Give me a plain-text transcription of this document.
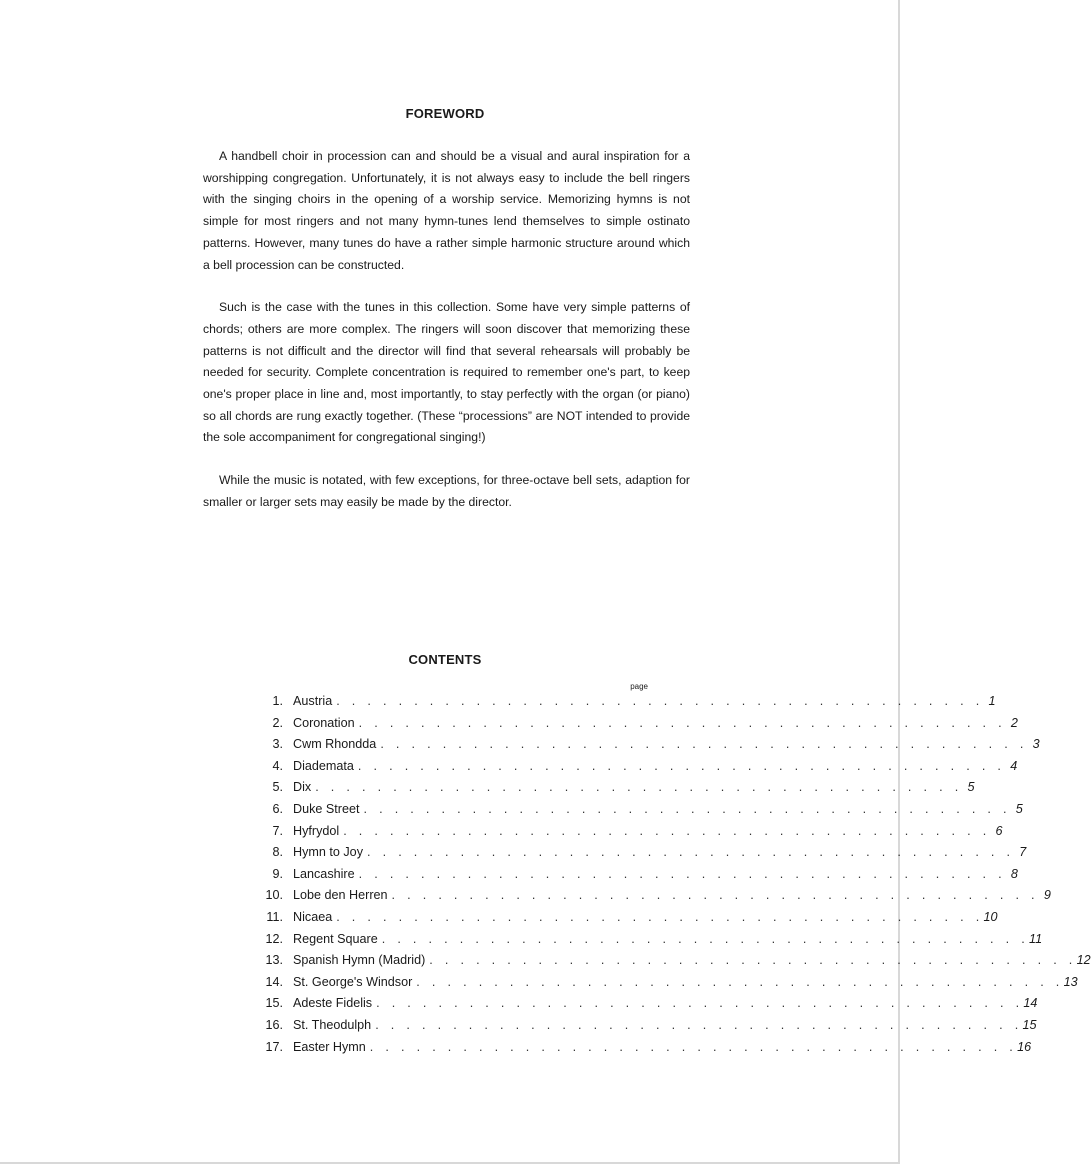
FOREWORD

A handbell choir in procession can and should be a visual and aural inspiration for a worshipping congregation. Unfortunately, it is not always easy to include the bell ringers with the singing choirs in the opening of a worship service. Memorizing hymns is not simple for most ringers and not many hymn-tunes lend themselves to simple ostinato patterns. However, many tunes do have a rather simple harmonic structure around which a bell procession can be constructed.

Such is the case with the tunes in this collection. Some have very simple patterns of chords; others are more complex. The ringers will soon discover that memorizing these patterns is not difficult and the director will find that several rehearsals will probably be needed for security. Complete concentration is required to remember one's part, to keep one's proper place in line and, most importantly, to stay perfectly with the organ (or piano) so all chords are rung exactly together. (These “processions” are NOT intended to provide the sole accompaniment for congregational singing!)

While the music is notated, with few exceptions, for three-octave bell sets, adaption for smaller or larger sets may easily be made by the director.

CONTENTS
page
1. Austria . . . . . . . . . . . . . . . . . . . . . . . . . . . . . . . . . . . . . . . . . . 1
2. Coronation . . . . . . . . . . . . . . . . . . . . . . . . . . . . . . . . . . . . . . . . . . 2
3. Cwm Rhondda . . . . . . . . . . . . . . . . . . . . . . . . . . . . . . . . . . . . . . . . . . 3
4. Diademata . . . . . . . . . . . . . . . . . . . . . . . . . . . . . . . . . . . . . . . . . . 4
5. Dix . . . . . . . . . . . . . . . . . . . . . . . . . . . . . . . . . . . . . . . . . . 5
6. Duke Street . . . . . . . . . . . . . . . . . . . . . . . . . . . . . . . . . . . . . . . . . . 5
7. Hyfrydol . . . . . . . . . . . . . . . . . . . . . . . . . . . . . . . . . . . . . . . . . . 6
8. Hymn to Joy . . . . . . . . . . . . . . . . . . . . . . . . . . . . . . . . . . . . . . . . . . 7
9. Lancashire . . . . . . . . . . . . . . . . . . . . . . . . . . . . . . . . . . . . . . . . . . 8
10. Lobe den Herren . . . . . . . . . . . . . . . . . . . . . . . . . . . . . . . . . . . . . . . . . . 9
11. Nicaea . . . . . . . . . . . . . . . . . . . . . . . . . . . . . . . . . . . . . . . . . . 10
12. Regent Square . . . . . . . . . . . . . . . . . . . . . . . . . . . . . . . . . . . . . . . . . . 11
13. Spanish Hymn (Madrid) . . . . . . . . . . . . . . . . . . . . . . . . . . . . . . . . . . . . . . . . . . 12
14. St. George's Windsor . . . . . . . . . . . . . . . . . . . . . . . . . . . . . . . . . . . . . . . . . . 13
15. Adeste Fidelis . . . . . . . . . . . . . . . . . . . . . . . . . . . . . . . . . . . . . . . . . . 14
16. St. Theodulph . . . . . . . . . . . . . . . . . . . . . . . . . . . . . . . . . . . . . . . . . . 15
17. Easter Hymn . . . . . . . . . . . . . . . . . . . . . . . . . . . . . . . . . . . . . . . . . . 16
